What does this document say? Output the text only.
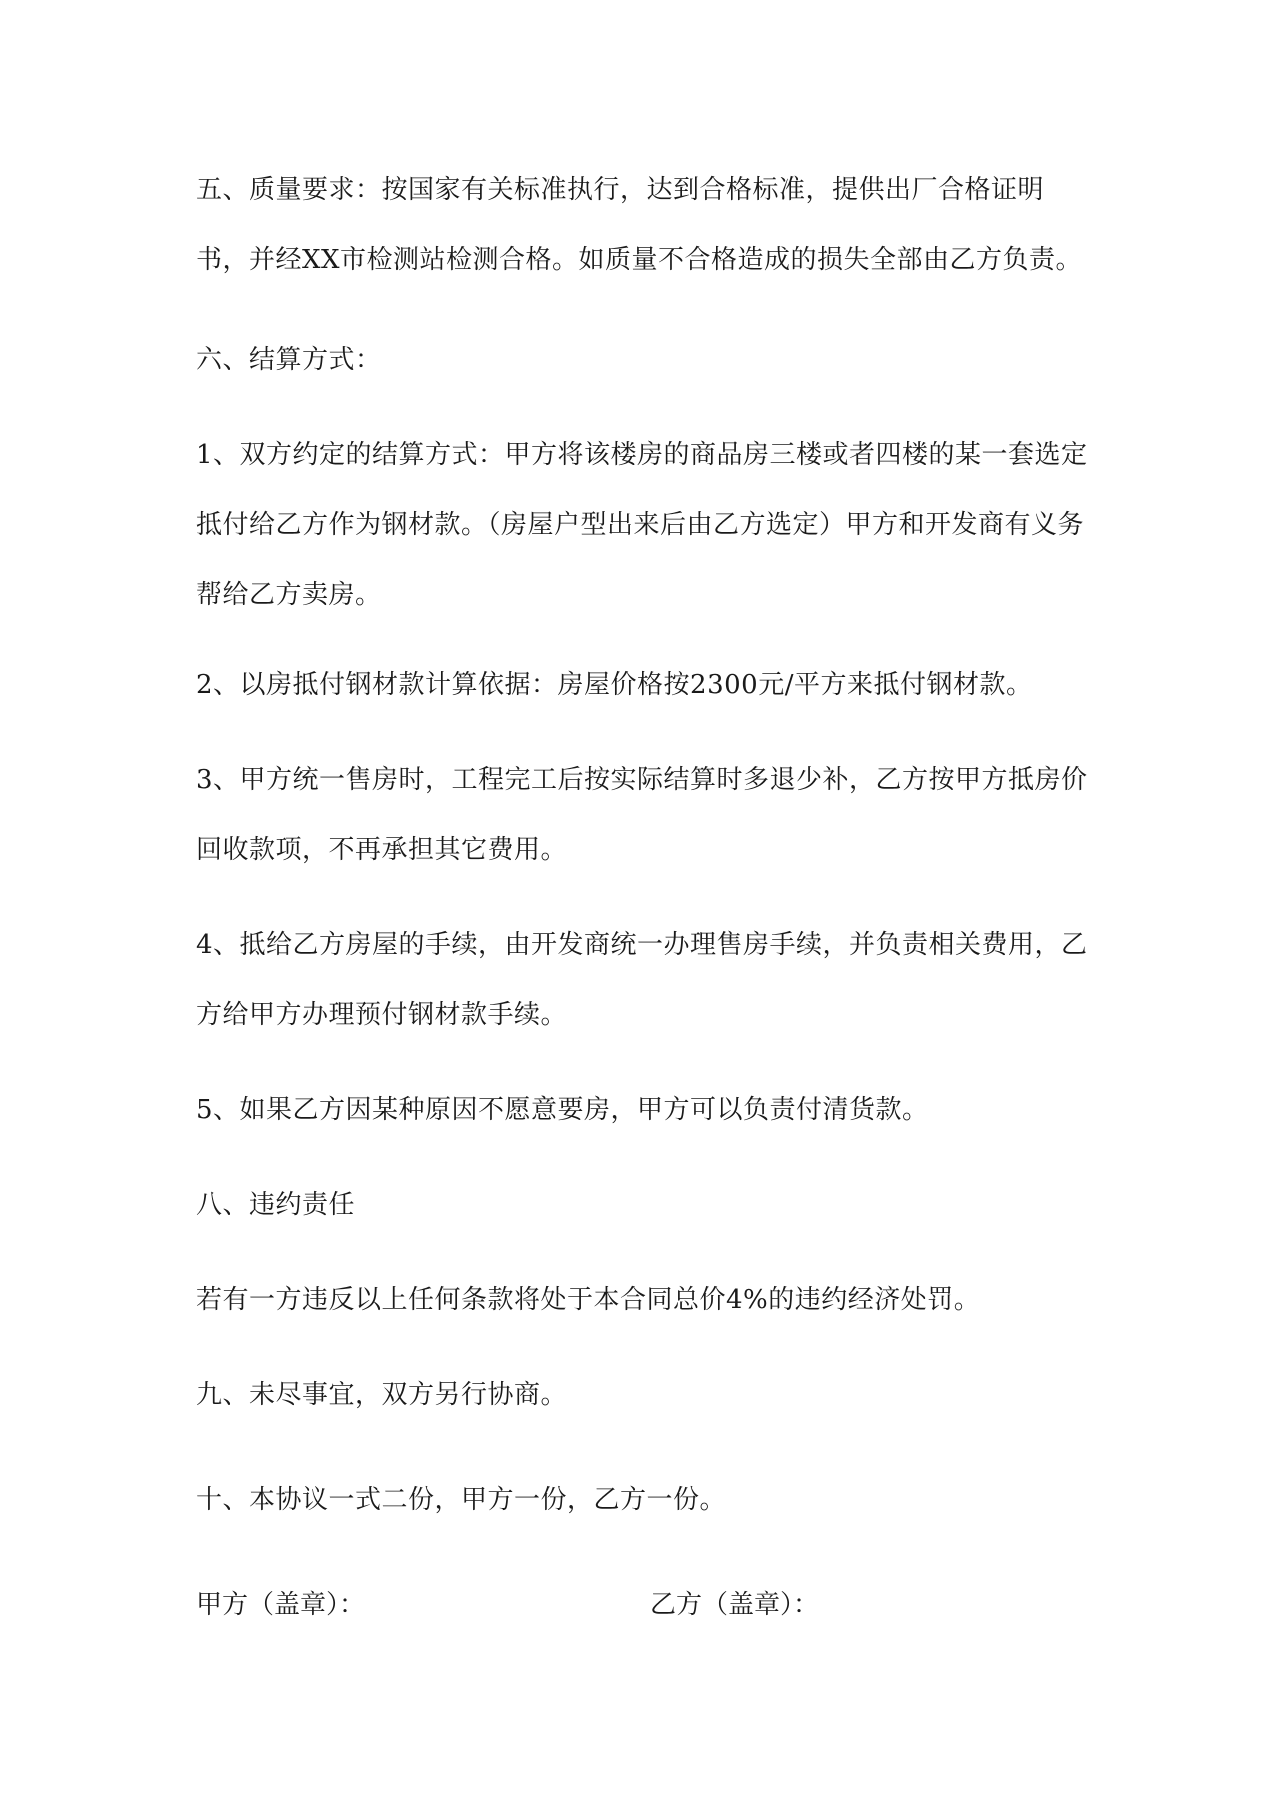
五、质量要求：按国家有关标准执行，达到合格标准，提供出厂合格证明书，并经XX市检测站检测合格。如质量不合格造成的损失全部由乙方负责。

六、结算方式：

1、双方约定的结算方式：甲方将该楼房的商品房三楼或者四楼的某一套选定抵付给乙方作为钢材款。（房屋户型出来后由乙方选定）甲方和开发商有义务帮给乙方卖房。

2、以房抵付钢材款计算依据：房屋价格按2300元/平方来抵付钢材款。

3、甲方统一售房时，工程完工后按实际结算时多退少补，乙方按甲方抵房价回收款项，不再承担其它费用。

4、抵给乙方房屋的手续，由开发商统一办理售房手续，并负责相关费用，乙方给甲方办理预付钢材款手续。

5、如果乙方因某种原因不愿意要房，甲方可以负责付清货款。

八、违约责任

若有一方违反以上任何条款将处于本合同总价4%的违约经济处罚。

九、未尽事宜，双方另行协商。

十、本协议一式二份，甲方一份，乙方一份。

甲方（盖章）：	乙方（盖章）：
